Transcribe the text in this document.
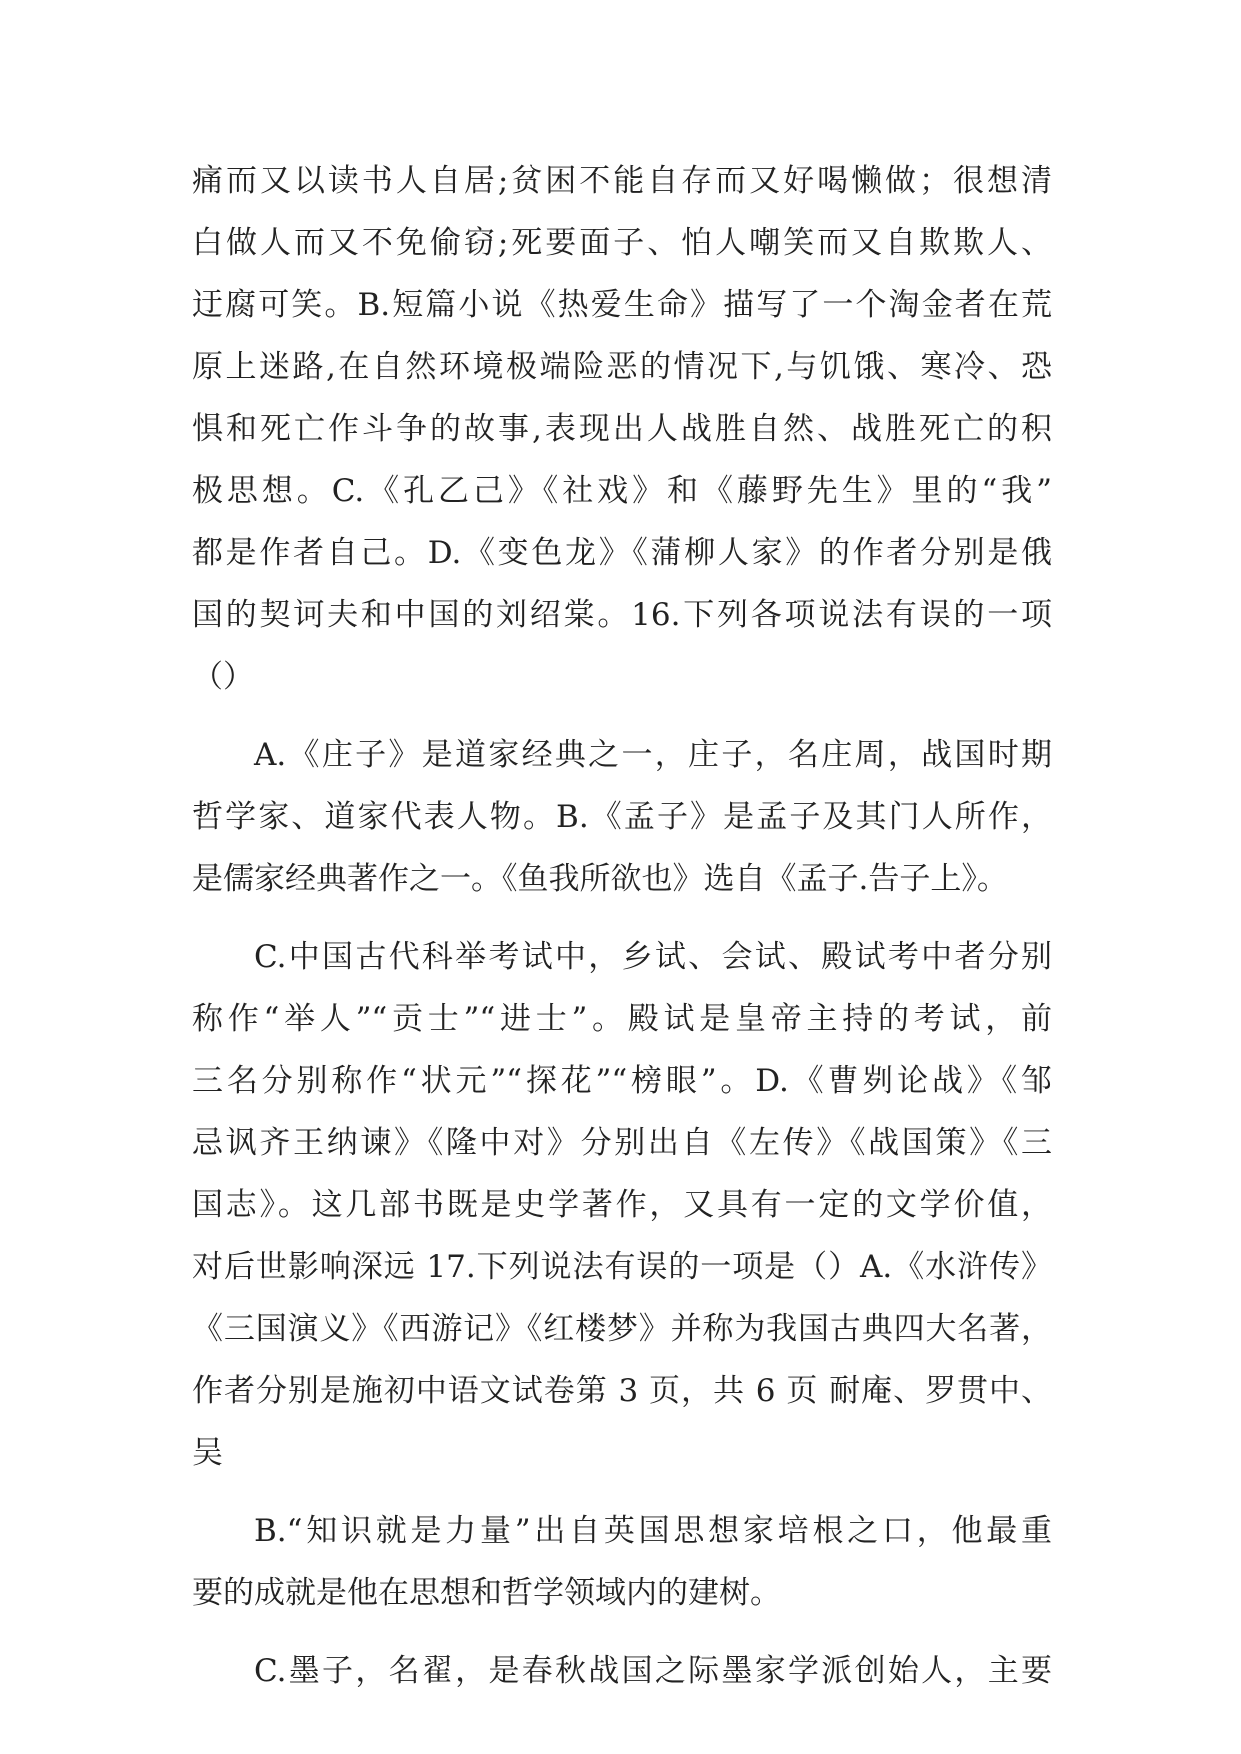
痛而又以读书人自居;贫困不能自存而又好喝懒做；很想清
白做人而又不免偷窃;死要面子、怕人嘲笑而又自欺欺人、
迂腐可笑。B.短篇小说《热爱生命》描写了一个淘金者在荒
原上迷路,在自然环境极端险恶的情况下,与饥饿、寒冷、恐
惧和死亡作斗争的故事,表现出人战胜自然、战胜死亡的积
极思想。C.《孔乙己》《社戏》和《藤野先生》里的“我”
都是作者自己。D.《变色龙》《蒲柳人家》的作者分别是俄
国的契诃夫和中国的刘绍棠。16.下列各项说法有误的一项
（）
A.《庄子》是道家经典之一，庄子，名庄周，战国时期
哲学家、道家代表人物。B.《孟子》是孟子及其门人所作，
是儒家经典著作之一。《鱼我所欲也》选自《孟子.告子上》。
C.中国古代科举考试中，乡试、会试、殿试考中者分别
称作“举人”“贡士”“进士”。殿试是皇帝主持的考试，前
三名分别称作“状元”“探花”“榜眼”。D.《曹刿论战》《邹
忌讽齐王纳谏》《隆中对》分别出自《左传》《战国策》《三
国志》。这几部书既是史学著作，又具有一定的文学价值，
对后世影响深远 17.下列说法有误的一项是（）A.《水浒传》
《三国演义》《西游记》《红楼梦》并称为我国古典四大名著，
作者分别是施初中语文试卷第 3 页，共 6 页 耐庵、罗贯中、
吴
B.“知识就是力量”出自英国思想家培根之口，他最重
要的成就是他在思想和哲学领域内的建树。
C.墨子，名翟，是春秋战国之际墨家学派创始人，主要
